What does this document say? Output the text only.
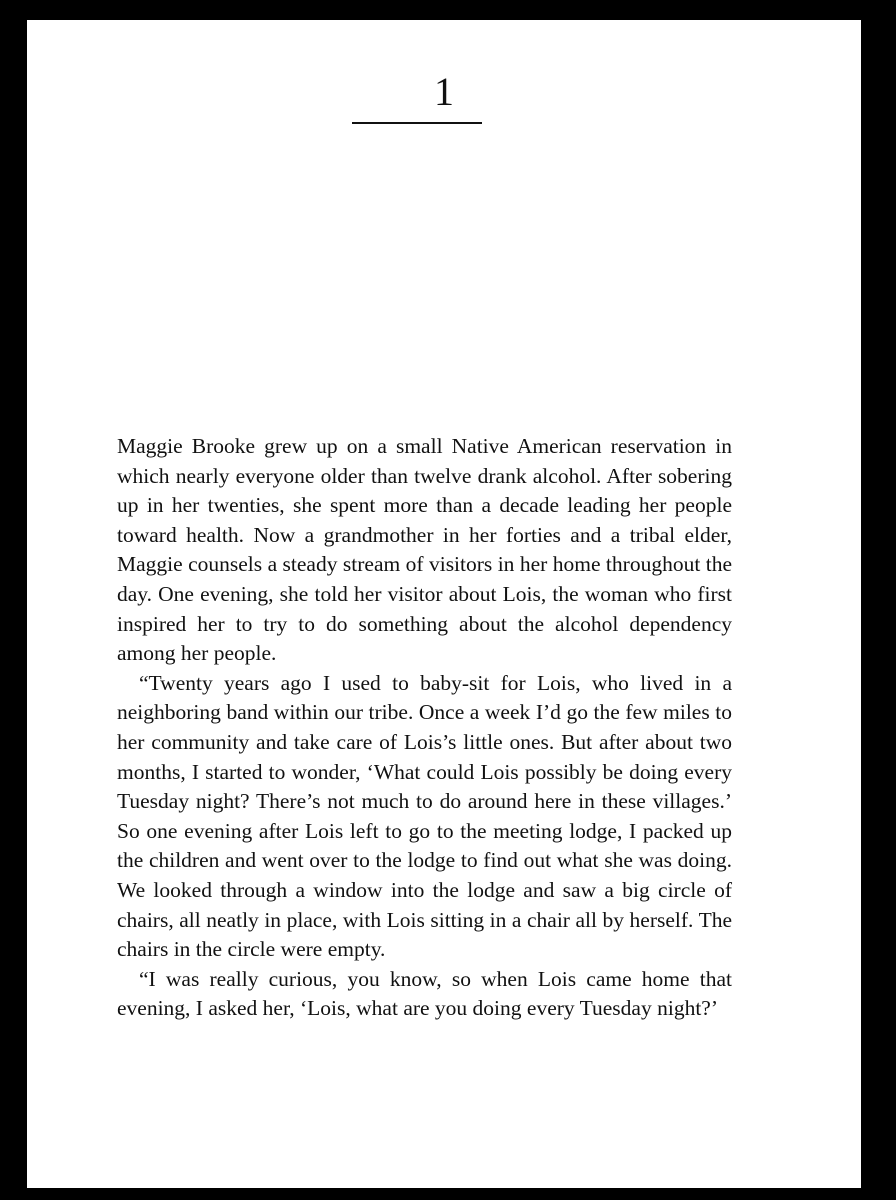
1

Maggie Brooke grew up on a small Native American reservation in which nearly everyone older than twelve drank alcohol. After sobering up in her twenties, she spent more than a decade leading her people toward health. Now a grandmother in her forties and a tribal elder, Maggie counsels a steady stream of visitors in her home throughout the day. One evening, she told her visitor about Lois, the woman who first inspired her to try to do something about the alcohol dependency among her people.

“Twenty years ago I used to baby-sit for Lois, who lived in a neighboring band within our tribe. Once a week I’d go the few miles to her community and take care of Lois’s little ones. But after about two months, I started to wonder, ‘What could Lois possibly be doing every Tuesday night? There’s not much to do around here in these villages.’ So one evening after Lois left to go to the meeting lodge, I packed up the children and went over to the lodge to find out what she was doing. We looked through a window into the lodge and saw a big circle of chairs, all neatly in place, with Lois sitting in a chair all by herself. The chairs in the circle were empty.

“I was really curious, you know, so when Lois came home that evening, I asked her, ‘Lois, what are you doing every Tuesday night?’
